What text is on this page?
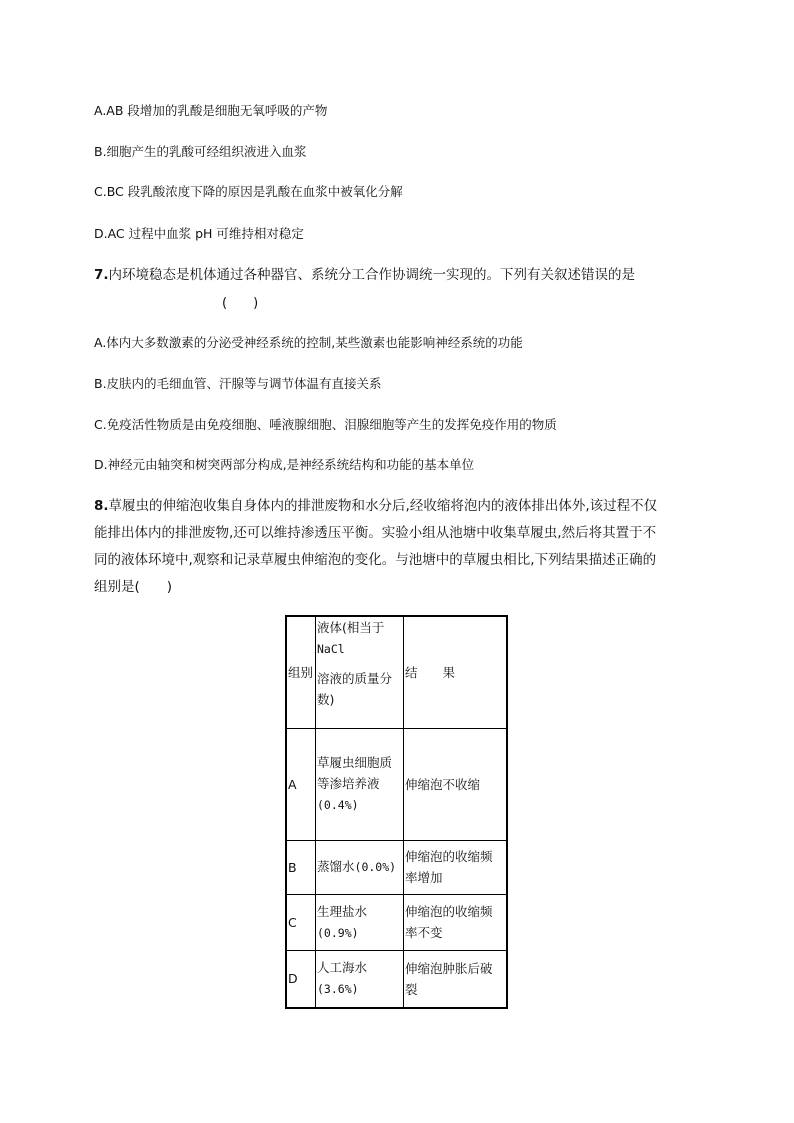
A.AB 段增加的乳酸是细胞无氧呼吸的产物
B.细胞产生的乳酸可经组织液进入血浆
C.BC 段乳酸浓度下降的原因是乳酸在血浆中被氧化分解
D.AC 过程中血浆 pH 可维持相对稳定
7.内环境稳态是机体通过各种器官、系统分工合作协调统一实现的。下列有关叙述错误的是
(　　)
A.体内大多数激素的分泌受神经系统的控制,某些激素也能影响神经系统的功能
B.皮肤内的毛细血管、汗腺等与调节体温有直接关系
C.免疫活性物质是由免疫细胞、唾液腺细胞、泪腺细胞等产生的发挥免疫作用的物质
D.神经元由轴突和树突两部分构成,是神经系统结构和功能的基本单位
8.草履虫的伸缩泡收集自身体内的排泄废物和水分后,经收缩将泡内的液体排出体外,该过程不仅
能排出体内的排泄废物,还可以维持渗透压平衡。实验小组从池塘中收集草履虫,然后将其置于不
同的液体环境中,观察和记录草履虫伸缩泡的变化。与池塘中的草履虫相比,下列结果描述正确的
组别是(　　)
组别	液体(相当于
NaCl
溶液的质量分数)	结　　果
A	草履虫细胞质等渗培养液
(0.4%)	伸缩泡不收缩
B	蒸馏水(0.0%)	伸缩泡的收缩频率增加
C	生理盐水
(0.9%)	伸缩泡的收缩频率不变
D	人工海水
(3.6%)	伸缩泡肿胀后破裂
